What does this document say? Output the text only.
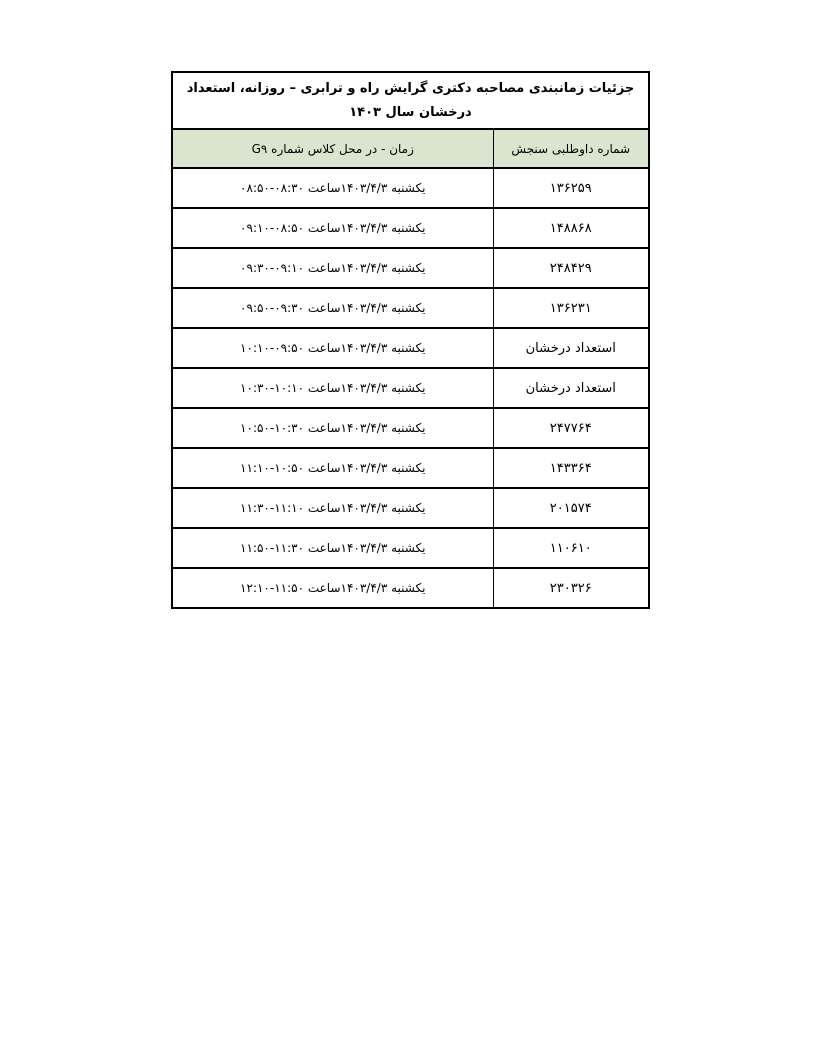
جزئیات زمانبندی مصاحبه دکتری گرایش راه و ترابری – روزانه، استعداد
درخشان سال ۱۴۰۳	

شماره داوطلبی سنجش	زمان - در محل کلاس شماره G۹
۱۳۶۲۵۹	یکشنبه ۱۴۰۳/۴/۳ساعت ۰۸:۳۰-۰۸:۵۰
۱۴۸۸۶۸	یکشنبه ۱۴۰۳/۴/۳ساعت ۰۸:۵۰-۰۹:۱۰
۲۴۸۴۲۹	یکشنبه ۱۴۰۳/۴/۳ساعت ۰۹:۱۰-۰۹:۳۰
۱۳۶۲۳۱	یکشنبه ۱۴۰۳/۴/۳ساعت ۰۹:۳۰-۰۹:۵۰
استعداد درخشان	یکشنبه ۱۴۰۳/۴/۳ساعت ۰۹:۵۰-۱۰:۱۰
استعداد درخشان	یکشنبه ۱۴۰۳/۴/۳ساعت ۱۰:۱۰-۱۰:۳۰
۲۴۷۷۶۴	یکشنبه ۱۴۰۳/۴/۳ساعت ۱۰:۳۰-۱۰:۵۰
۱۴۳۳۶۴	یکشنبه ۱۴۰۳/۴/۳ساعت ۱۰:۵۰-۱۱:۱۰
۲۰۱۵۷۴	یکشنبه ۱۴۰۳/۴/۳ساعت ۱۱:۱۰-۱۱:۳۰
۱۱۰۶۱۰	یکشنبه ۱۴۰۳/۴/۳ساعت ۱۱:۳۰-۱۱:۵۰
۲۳۰۳۲۶	یکشنبه ۱۴۰۳/۴/۳ساعت ۱۱:۵۰-۱۲:۱۰
